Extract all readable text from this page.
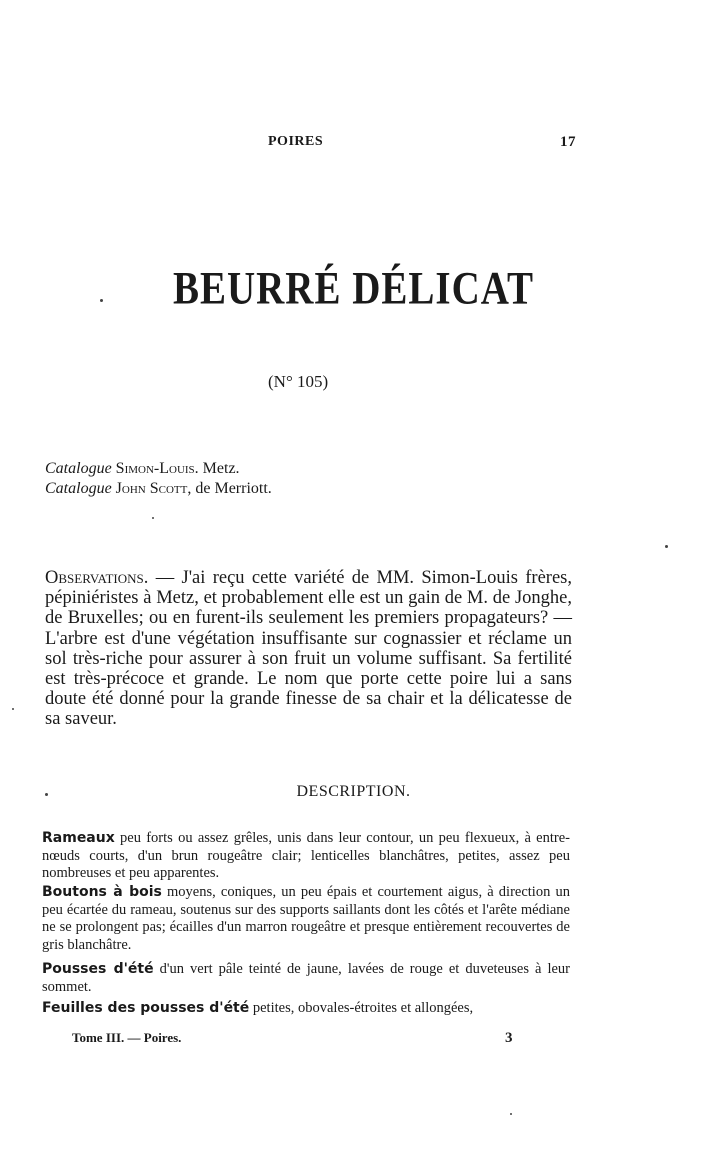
POIRES	17
BEURRÉ DÉLICAT
(N° 105)
Catalogue Simon-Louis. Metz.
Catalogue John Scott, de Merriott.
Observations. — J'ai reçu cette variété de MM. Simon-Louis frères, pépiniéristes à Metz, et probablement elle est un gain de M. de Jonghe, de Bruxelles; ou en furent-ils seulement les premiers propagateurs? — L'arbre est d'une végétation insuffisante sur cognassier et réclame un sol très-riche pour assurer à son fruit un volume suffisant. Sa fertilité est très-précoce et grande. Le nom que porte cette poire lui a sans doute été donné pour la grande finesse de sa chair et la délicatesse de sa saveur.
DESCRIPTION.
Rameaux peu forts ou assez grêles, unis dans leur contour, un peu flexueux, à entre-nœuds courts, d'un brun rougeâtre clair; lenticelles blanchâtres, petites, assez peu nombreuses et peu apparentes.
Boutons à bois moyens, coniques, un peu épais et courtement aigus, à direction un peu écartée du rameau, soutenus sur des supports saillants dont les côtés et l'arête médiane ne se prolongent pas; écailles d'un marron rougeâtre et presque entièrement recouvertes de gris blanchâtre.
Pousses d'été d'un vert pâle teinté de jaune, lavées de rouge et duveteuses à leur sommet.
Feuilles des pousses d'été petites, obovales-étroites et allongées,
Tome III. — Poires.	3
